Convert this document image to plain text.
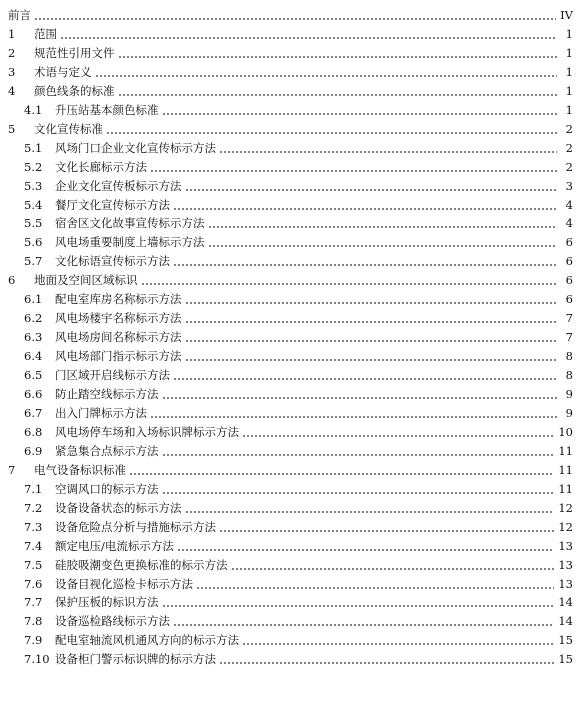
前言	IV
1 范围	1
2 规范性引用文件	1
3 术语与定义	1
4 颜色线条的标准	1
4.1 升压站基本颜色标准	1
5 文化宣传标准	2
5.1 风场门口企业文化宣传标示方法	2
5.2 文化长廊标示方法	2
5.3 企业文化宣传板标示方法	3
5.4 餐厅文化宣传标示方法	4
5.5 宿舍区文化故事宣传标示方法	4
5.6 风电场重要制度上墙标示方法	6
5.7 文化标语宣传标示方法	6
6 地面及空间区域标识	6
6.1 配电室库房名称标示方法	6
6.2 风电场楼宇名称标示方法	7
6.3 风电场房间名称标示方法	7
6.4 风电场部门指示标示方法	8
6.5 门区域开启线标示方法	8
6.6 防止踏空线标示方法	9
6.7 出入门牌标示方法	9
6.8 风电场停车场和入场标识牌标示方法	10
6.9 紧急集合点标示方法	11
7 电气设备标识标准	11
7.1 空调风口的标示方法	11
7.2 设备设备状态的标示方法	12
7.3 设备危险点分析与措施标示方法	12
7.4 额定电压/电流标示方法	13
7.5 硅胶吸潮变色更换标准的标示方法	13
7.6 设备目视化巡检卡标示方法	13
7.7 保护压板的标识方法	14
7.8 设备巡检路线标示方法	14
7.9 配电室轴流风机通风方向的标示方法	15
7.10 设备柜门警示标识牌的标示方法	15
